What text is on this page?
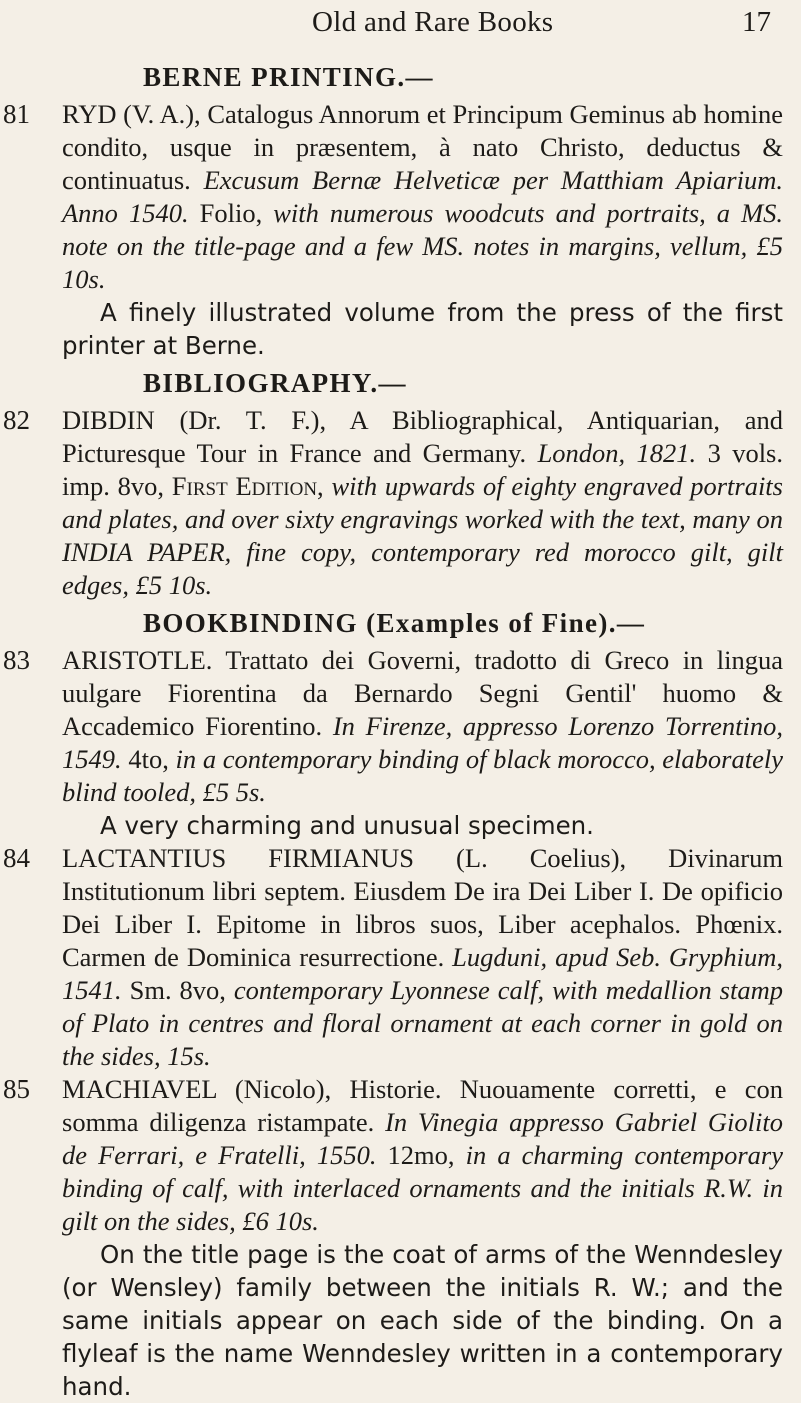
Old and Rare Books	17
BERNE PRINTING.—
81 RYD (V. A.), Catalogus Annorum et Principum Geminus ab homine condito, usque in præsentem, à nato Christo, deductus & continuatus. Excusum Bernæ Helveticæ per Matthiam Apiarium. Anno 1540. Folio, with numerous woodcuts and portraits, a MS. note on the title-page and a few MS. notes in margins, vellum, £5 10s.

A finely illustrated volume from the press of the first printer at Berne.

BIBLIOGRAPHY.—
82 DIBDIN (Dr. T. F.), A Bibliographical, Antiquarian, and Picturesque Tour in France and Germany. London, 1821. 3 vols. imp. 8vo, First Edition, with upwards of eighty engraved portraits and plates, and over sixty engravings worked with the text, many on INDIA PAPER, fine copy, contemporary red morocco gilt, gilt edges, £5 10s.

BOOKBINDING (Examples of Fine).—
83 ARISTOTLE. Trattato dei Governi, tradotto di Greco in lingua uulgare Fiorentina da Bernardo Segni Gentil' huomo & Accademico Fiorentino. In Firenze, appresso Lorenzo Torrentino, 1549. 4to, in a contemporary binding of black morocco, elaborately blind tooled, £5 5s.

A very charming and unusual specimen.

84 LACTANTIUS FIRMIANUS (L. Coelius), Divinarum Institutionum libri septem. Eiusdem De ira Dei Liber I. De opificio Dei Liber I. Epitome in libros suos, Liber acephalos. Phœnix. Carmen de Dominica resurrectione. Lugduni, apud Seb. Gryphium, 1541. Sm. 8vo, contemporary Lyonnese calf, with medallion stamp of Plato in centres and floral ornament at each corner in gold on the sides, 15s.

85 MACHIAVEL (Nicolo), Historie. Nuouamente corretti, e con somma diligenza ristampate. In Vinegia appresso Gabriel Giolito de Ferrari, e Fratelli, 1550. 12mo, in a charming contemporary binding of calf, with interlaced ornaments and the initials R.W. in gilt on the sides, £6 10s.

On the title page is the coat of arms of the Wenndesley (or Wensley) family between the initials R. W.; and the same initials appear on each side of the binding. On a flyleaf is the name Wenndesley written in a contemporary hand.
